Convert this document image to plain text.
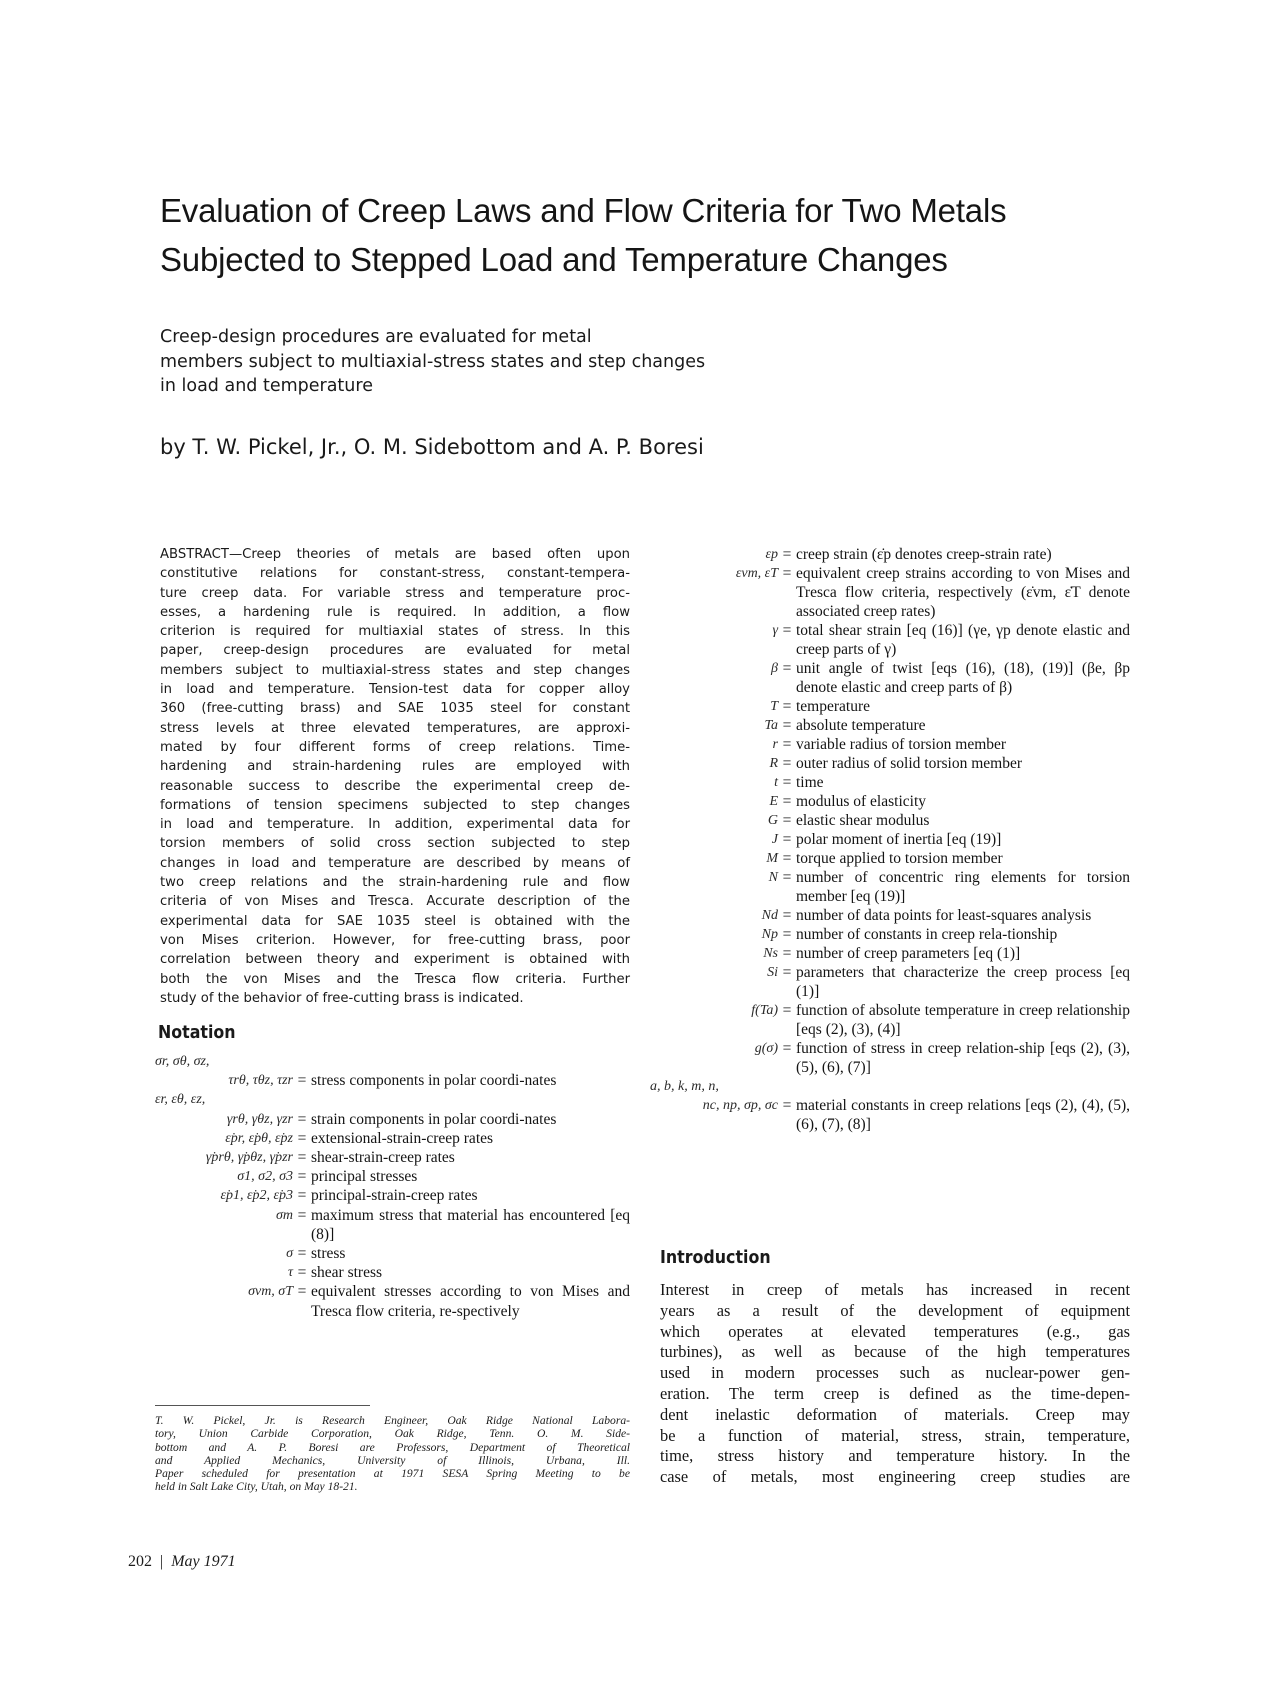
Evaluation of Creep Laws and Flow Criteria for Two Metals
Subjected to Stepped Load and Temperature Changes
Creep-design procedures are evaluated for metal
members subject to multiaxial-stress states and step changes
in load and temperature
by T. W. Pickel, Jr., O. M. Sidebottom and A. P. Boresi
ABSTRACT—Creep theories of metals are based often upon
constitutive relations for constant-stress, constant-tempera-
ture creep data. For variable stress and temperature proc-
esses, a hardening rule is required. In addition, a flow
criterion is required for multiaxial states of stress. In this
paper, creep-design procedures are evaluated for metal
members subject to multiaxial-stress states and step changes
in load and temperature. Tension-test data for copper alloy
360 (free-cutting brass) and SAE 1035 steel for constant
stress levels at three elevated temperatures, are approxi-
mated by four different forms of creep relations. Time-
hardening and strain-hardening rules are employed with
reasonable success to describe the experimental creep de-
formations of tension specimens subjected to step changes
in load and temperature. In addition, experimental data for
torsion members of solid cross section subjected to step
changes in load and temperature are described by means of
two creep relations and the strain-hardening rule and flow
criteria of von Mises and Tresca. Accurate description of the
experimental data for SAE 1035 steel is obtained with the
von Mises criterion. However, for free-cutting brass, poor
correlation between theory and experiment is obtained with
both the von Mises and the Tresca flow criteria. Further
study of the behavior of free-cutting brass is indicated.
Notation
σr, σθ, σz,
τrθ, τθz, τzr = stress components in polar coordi-nates
εr, εθ, εz,
γrθ, γθz, γzr = strain components in polar coordi-nates
ε̇pr, ε̇pθ, ε̇pz = extensional-strain-creep rates
γ̇prθ, γ̇pθz, γ̇pzr = shear-strain-creep rates
σ1, σ2, σ3 = principal stresses
ε̇p1, ε̇p2, ε̇p3 = principal-strain-creep rates
σm = maximum stress that material has encountered [eq (8)]
σ = stress
τ = shear stress
σvm, σT = equivalent stresses according to von Mises and Tresca flow criteria, re-spectively
εp = creep strain (ε̇p denotes creep-strain rate)
εvm, εT = equivalent creep strains according to von Mises and Tresca flow criteria, respectively (ε̇vm, ε̇T denote associated creep rates)
γ = total shear strain [eq (16)] (γe, γp denote elastic and creep parts of γ)
β = unit angle of twist [eqs (16), (18), (19)] (βe, βp denote elastic and creep parts of β)
T = temperature
Ta = absolute temperature
r = variable radius of torsion member
R = outer radius of solid torsion member
t = time
E = modulus of elasticity
G = elastic shear modulus
J = polar moment of inertia [eq (19)]
M = torque applied to torsion member
N = number of concentric ring elements for torsion member [eq (19)]
Nd = number of data points for least-squares analysis
Np = number of constants in creep rela-tionship
Ns = number of creep parameters [eq (1)]
Si = parameters that characterize the creep process [eq (1)]
f(Ta) = function of absolute temperature in creep relationship [eqs (2), (3), (4)]
g(σ) = function of stress in creep relation-ship [eqs (2), (3), (5), (6), (7)]
a, b, k, m, n,
nc, np, σp, σc = material constants in creep relations [eqs (2), (4), (5), (6), (7), (8)]
Introduction
Interest in creep of metals has increased in recent
years as a result of the development of equipment
which operates at elevated temperatures (e.g., gas
turbines), as well as because of the high temperatures
used in modern processes such as nuclear-power gen-
eration. The term creep is defined as the time-depen-
dent inelastic deformation of materials. Creep may
be a function of material, stress, strain, temperature,
time, stress history and temperature history. In the
case of metals, most engineering creep studies are
T. W. Pickel, Jr. is Research Engineer, Oak Ridge National Labora-
tory, Union Carbide Corporation, Oak Ridge, Tenn. O. M. Side-
bottom and A. P. Boresi are Professors, Department of Theoretical
and Applied Mechanics, University of Illinois, Urbana, Ill.
Paper scheduled for presentation at 1971 SESA Spring Meeting to be
held in Salt Lake City, Utah, on May 18-21.
202 | May 1971
